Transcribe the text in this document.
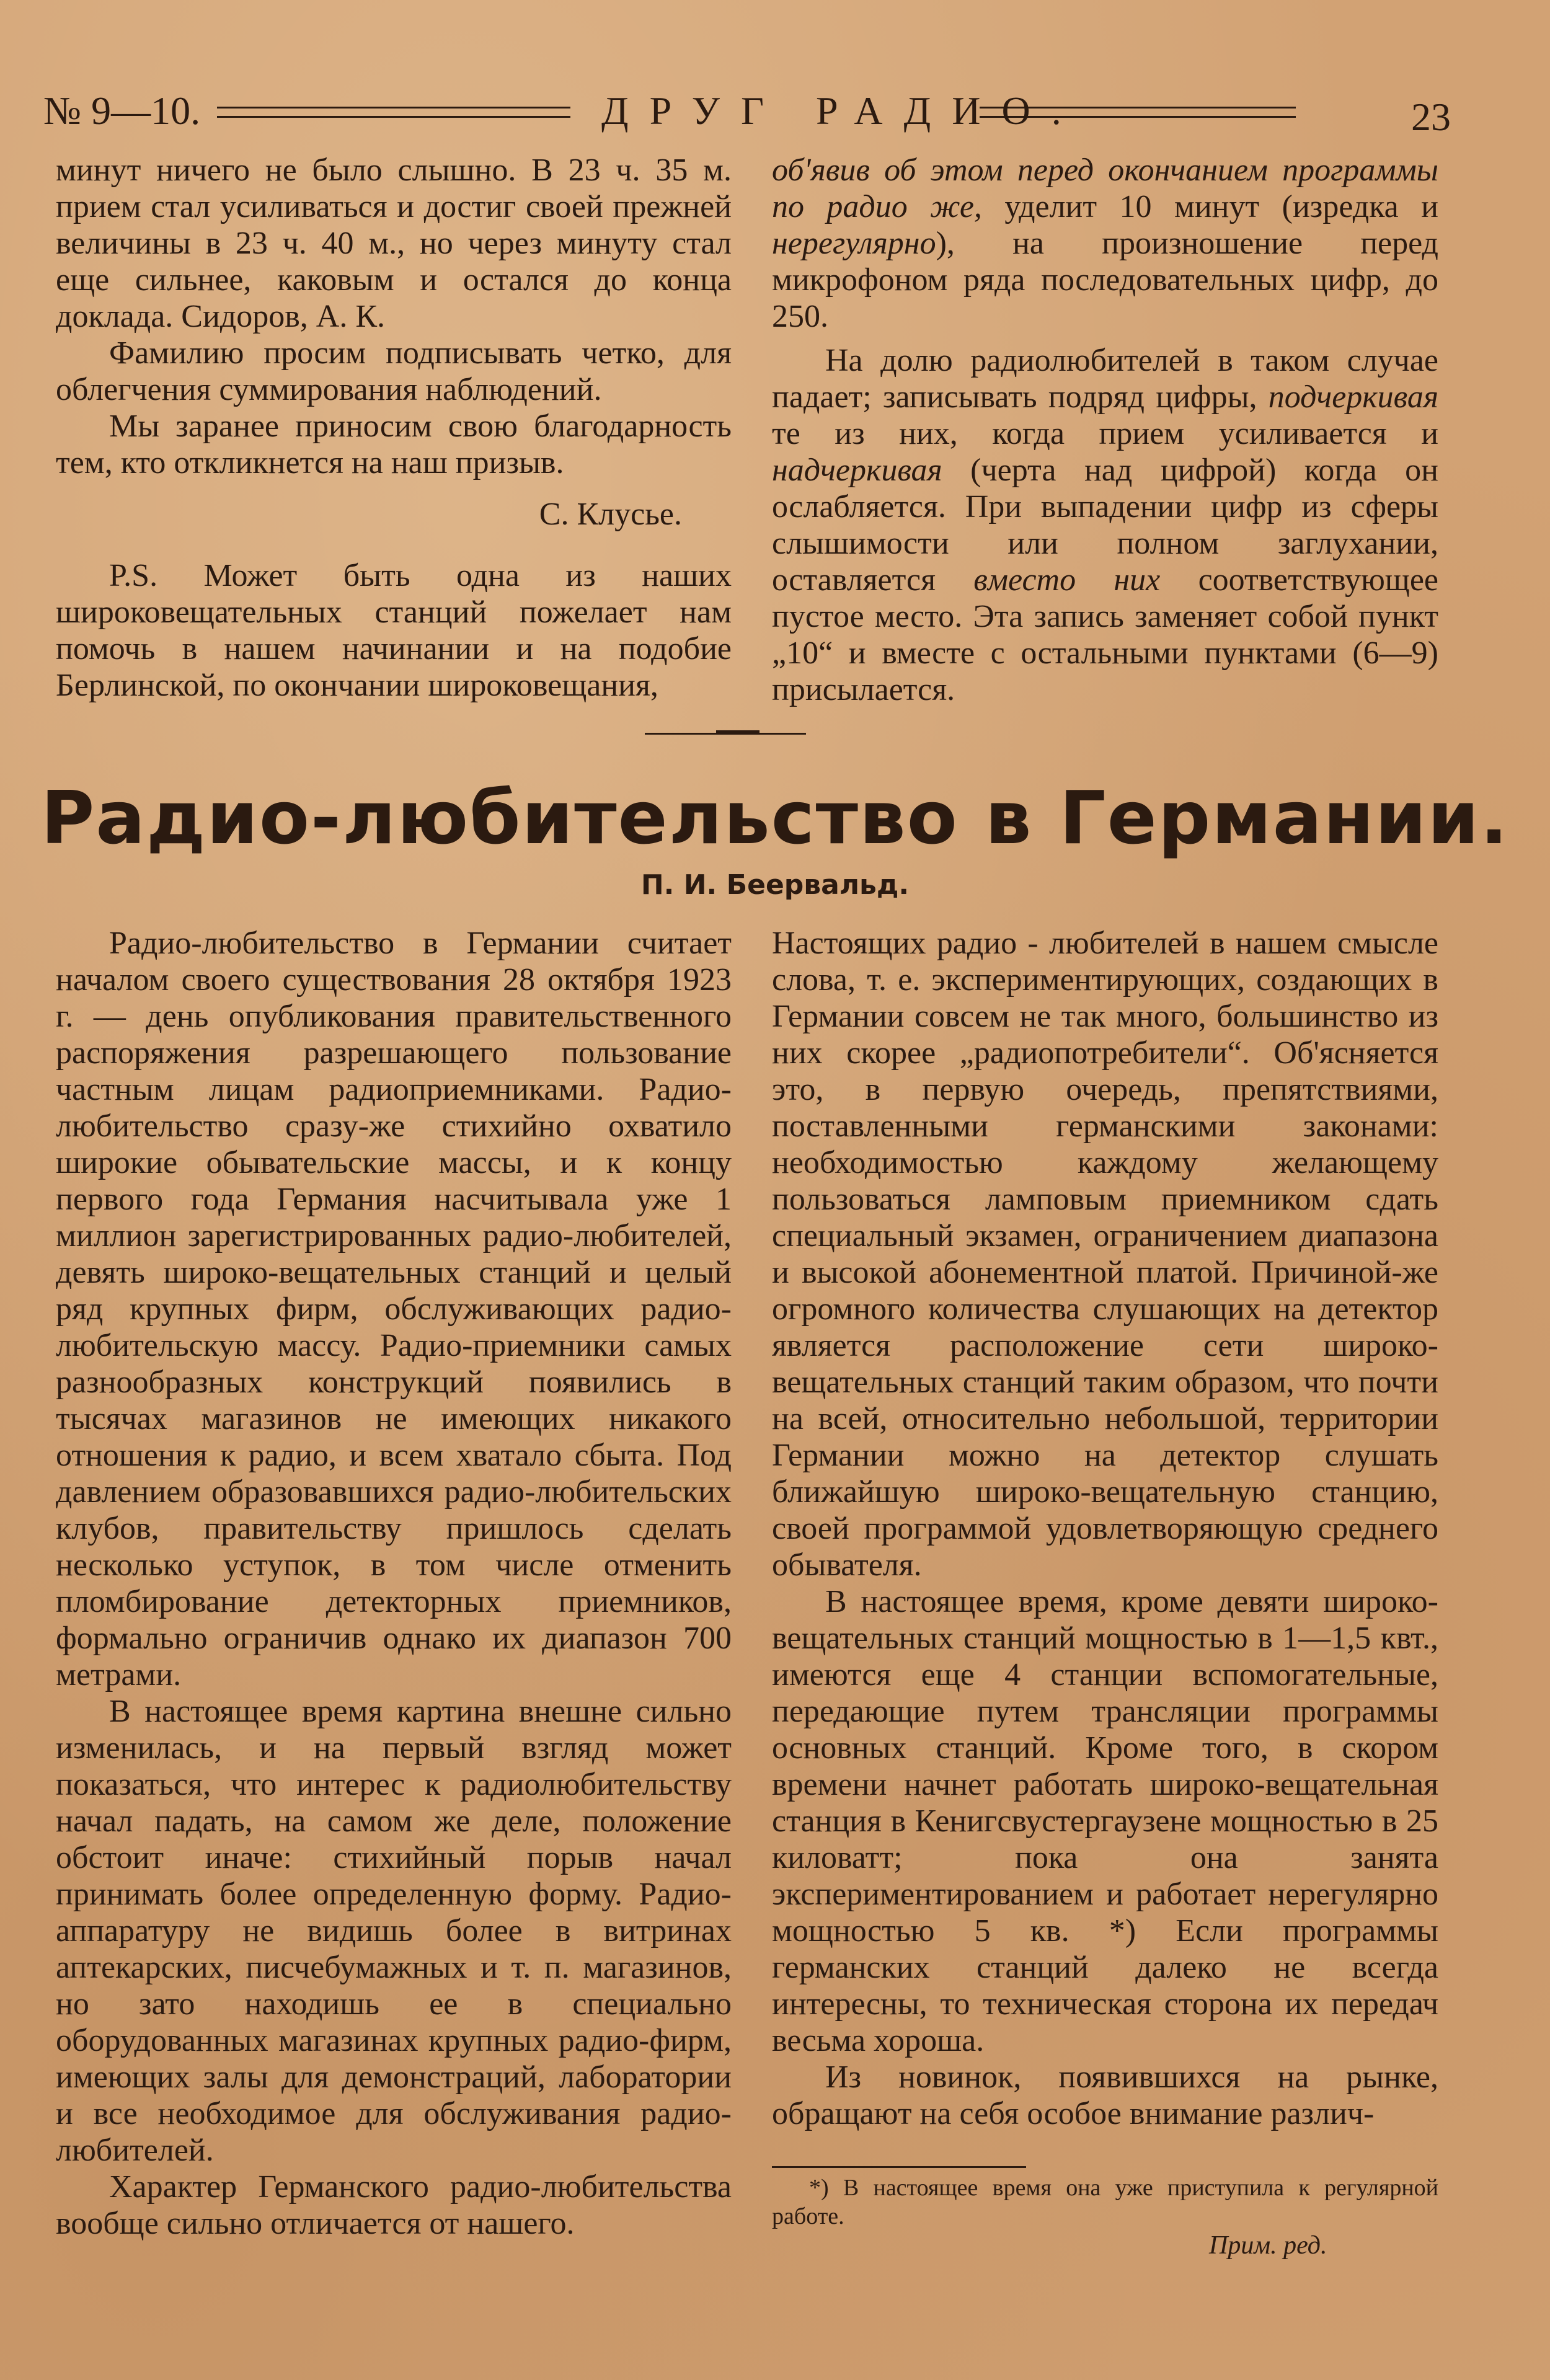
№ 9—10.	ДРУГ РАДИО.	23

минут ничего не было слышно. В 23 ч. 35 м. прием стал усиливаться и достиг своей прежней величины в 23 ч. 40 м., но через минуту стал еще сильнее, каковым и остался до конца доклада. Сидоров, А. К.

Фамилию просим подписывать четко, для облегчения суммирования наблюдений.

Мы заранее приносим свою благодарность тем, кто откликнется на наш призыв.

С. Клусье.

P.S. Может быть одна из наших широковещательных станций пожелает нам помочь в нашем начинании и на подобие Берлинской, по окончании широковещания,

об'явив об этом перед окончанием программы по радио же, уделит 10 минут (изредка и нерегулярно), на произношение перед микрофоном ряда последовательных цифр, до 250.

На долю радиолюбителей в таком случае падает; записывать подряд цифры, подчеркивая те из них, когда прием усиливается и надчеркивая (черта над цифрой) когда он ослабляется. При выпадении цифр из сферы слышимости или полном заглухании, оставляется вместо них соответствующее пустое место. Эта запись заменяет собой пункт „10“ и вместе с остальными пунктами (6—9) присылается.

Радио-любительство в Германии.
П. И. Беервальд.

Радио-любительство в Германии считает началом своего существования 28 октября 1923 г. — день опубликования правительственного распоряжения разрешающего пользование частным лицам радиоприемниками. Радио-любительство сразу-же стихийно охватило широкие обывательские массы, и к концу первого года Германия насчитывала уже 1 миллион зарегистрированных радио-любителей, девять широко-вещательных станций и целый ряд крупных фирм, обслуживающих радио-любительскую массу. Радио-приемники самых разнообразных конструкций появились в тысячах магазинов не имеющих никакого отношения к радио, и всем хватало сбыта. Под давлением образовавшихся радио-любительских клубов, правительству пришлось сделать несколько уступок, в том числе отменить пломбирование детекторных приемников, формально ограничив однако их диапазон 700 метрами.

В настоящее время картина внешне сильно изменилась, и на первый взгляд может показаться, что интерес к радиолюбительству начал падать, на самом же деле, положение обстоит иначе: стихийный порыв начал принимать более определенную форму. Радио-аппаратуру не видишь более в витринах аптекарских, писчебумажных и т. п. магазинов, но зато находишь ее в специально оборудованных магазинах крупных радио-фирм, имеющих залы для демонстраций, лаборатории и все необходимое для обслуживания радио-любителей.

Характер Германского радио-любительства вообще сильно отличается от нашего.

Настоящих радио - любителей в нашем смысле слова, т. е. экспериментирующих, создающих в Германии совсем не так много, большинство из них скорее „радиопотребители“. Об'ясняется это, в первую очередь, препятствиями, поставленными германскими законами: необходимостью каждому желающему пользоваться ламповым приемником сдать специальный экзамен, ограничением диапазона и высокой абонементной платой. Причиной-же огромного количества слушающих на детектор является расположение сети широко-вещательных станций таким образом, что почти на всей, относительно небольшой, территории Германии можно на детектор слушать ближайшую широко-вещательную станцию, своей программой удовлетворяющую среднего обывателя.

В настоящее время, кроме девяти широко-вещательных станций мощностью в 1—1,5 квт., имеются еще 4 станции вспомогательные, передающие путем трансляции программы основных станций. Кроме того, в скором времени начнет работать широко-вещательная станция в Кенигсвустергаузене мощностью в 25 киловатт; пока она занята экспериментированием и работает нерегулярно мощностью 5 кв. *) Если программы германских станций далеко не всегда интересны, то техническая сторона их передач весьма хороша.

Из новинок, появившихся на рынке, обращают на себя особое внимание различ-

*) В настоящее время она уже приступила к регулярной работе.
Прим. ред.
